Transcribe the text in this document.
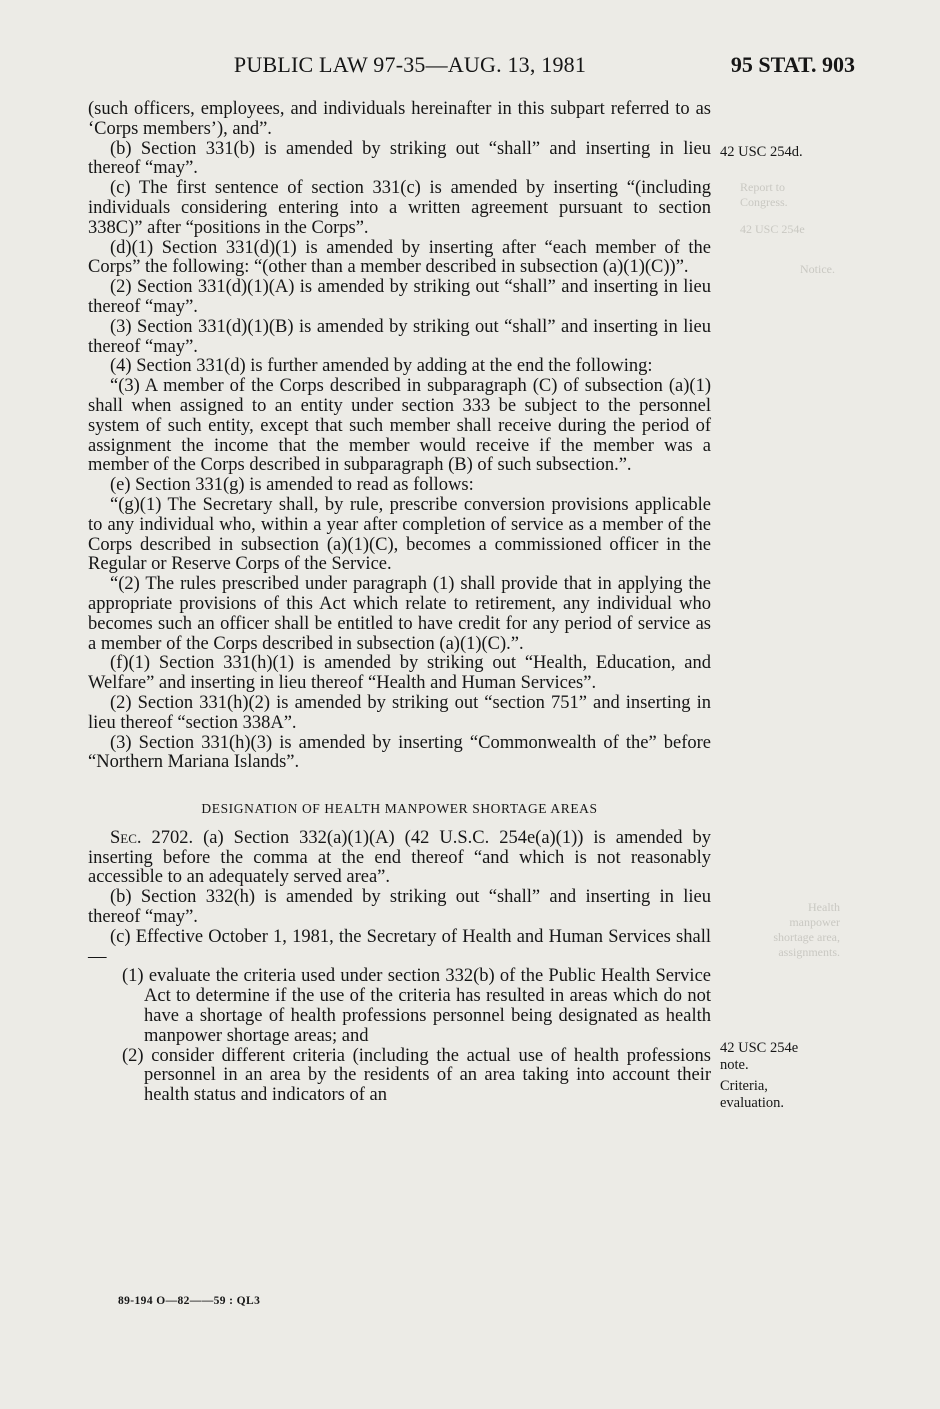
PUBLIC LAW 97-35—AUG. 13, 1981	95 STAT. 903
Report to Congress.
42 USC 254e
Notice.
Health manpower shortage area, assignments.

(such officers, employees, and individuals hereinafter in this subpart referred to as ‘Corps members’), and”.

(b) Section 331(b) is amended by striking out “shall” and inserting in lieu thereof “may”.

(c) The first sentence of section 331(c) is amended by inserting “(including individuals considering entering into a written agreement pursuant to section 338C)” after “positions in the Corps”.

(d)(1) Section 331(d)(1) is amended by inserting after “each member of the Corps” the following: “(other than a member described in subsection (a)(1)(C))”.

(2) Section 331(d)(1)(A) is amended by striking out “shall” and inserting in lieu thereof “may”.

(3) Section 331(d)(1)(B) is amended by striking out “shall” and inserting in lieu thereof “may”.

(4) Section 331(d) is further amended by adding at the end the following:

“(3) A member of the Corps described in subparagraph (C) of subsection (a)(1) shall when assigned to an entity under section 333 be subject to the personnel system of such entity, except that such member shall receive during the period of assignment the income that the member would receive if the member was a member of the Corps described in subparagraph (B) of such subsection.”.

(e) Section 331(g) is amended to read as follows:

“(g)(1) The Secretary shall, by rule, prescribe conversion provisions applicable to any individual who, within a year after completion of service as a member of the Corps described in subsection (a)(1)(C), becomes a commissioned officer in the Regular or Reserve Corps of the Service.

“(2) The rules prescribed under paragraph (1) shall provide that in applying the appropriate provisions of this Act which relate to retirement, any individual who becomes such an officer shall be entitled to have credit for any period of service as a member of the Corps described in subsection (a)(1)(C).”.

(f)(1) Section 331(h)(1) is amended by striking out “Health, Education, and Welfare” and inserting in lieu thereof “Health and Human Services”.

(2) Section 331(h)(2) is amended by striking out “section 751” and inserting in lieu thereof “section 338A”.

(3) Section 331(h)(3) is amended by inserting “Commonwealth of the” before “Northern Mariana Islands”.

DESIGNATION OF HEALTH MANPOWER SHORTAGE AREAS

Sec. 2702. (a) Section 332(a)(1)(A) (42 U.S.C. 254e(a)(1)) is amended by inserting before the comma at the end thereof “and which is not reasonably accessible to an adequately served area”.

(b) Section 332(h) is amended by striking out “shall” and inserting in lieu thereof “may”.

(c) Effective October 1, 1981, the Secretary of Health and Human Services shall—

(1) evaluate the criteria used under section 332(b) of the Public Health Service Act to determine if the use of the criteria has resulted in areas which do not have a shortage of health professions personnel being designated as health manpower shortage areas; and

(2) consider different criteria (including the actual use of health professions personnel in an area by the residents of an area taking into account their health status and indicators of an

42 USC 254d.
42 USC 254e
note.
Criteria,
evaluation.
89-194 O—82——59 : QL3
